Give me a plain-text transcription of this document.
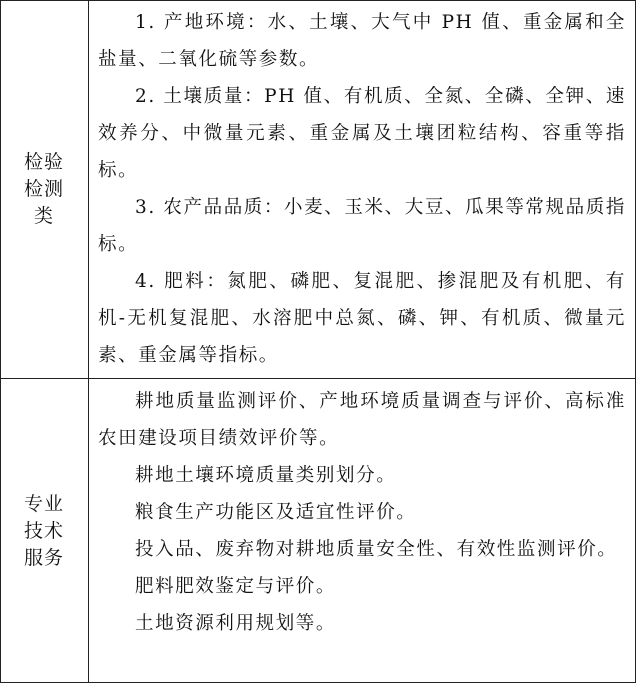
检验
检测
类
1. 产地环境：水、土壤、大气中 PH 值、重金属和全盐量、二氧化硫等参数。
2. 土壤质量：PH 值、有机质、全氮、全磷、全钾、速效养分、中微量元素、重金属及土壤团粒结构、容重等指标。
3. 农产品品质：小麦、玉米、大豆、瓜果等常规品质指标。
4. 肥料：氮肥、磷肥、复混肥、掺混肥及有机肥、有机-无机复混肥、水溶肥中总氮、磷、钾、有机质、微量元素、重金属等指标。
专业
技术
服务
耕地质量监测评价、产地环境质量调查与评价、高标准农田建设项目绩效评价等。
耕地土壤环境质量类别划分。
粮食生产功能区及适宜性评价。
投入品、废弃物对耕地质量安全性、有效性监测评价。
肥料肥效鉴定与评价。
土地资源利用规划等。
